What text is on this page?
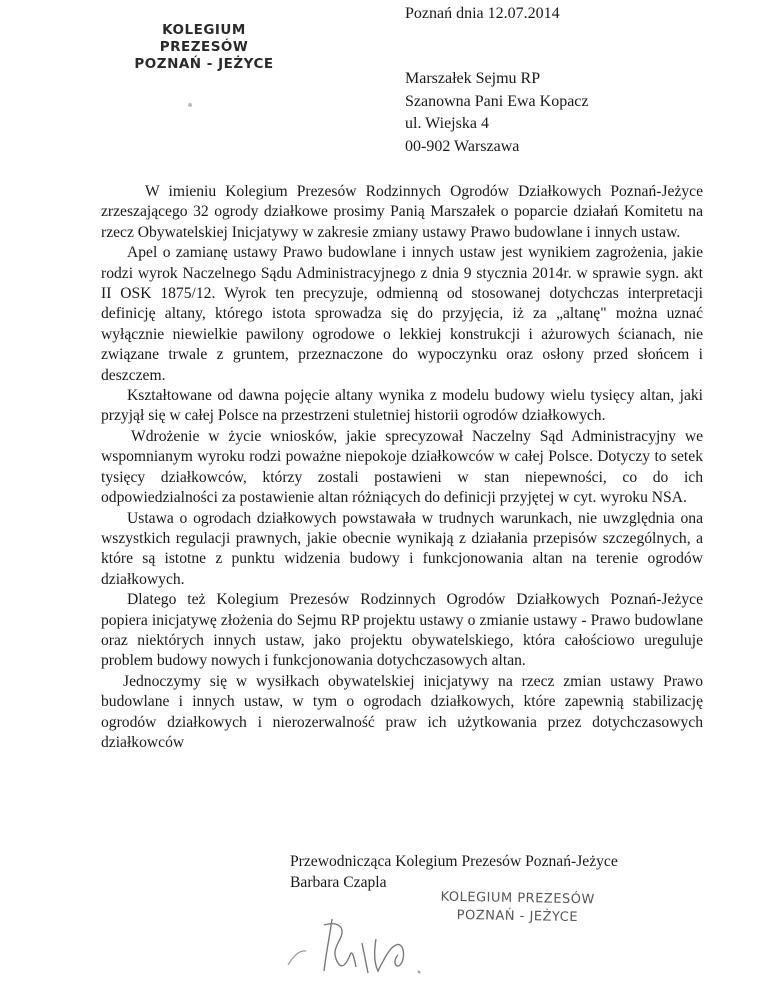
KOLEGIUM PREZESÓW
POZNAŃ - JEŻYCE
Poznań dnia 12.07.2014
Marszałek Sejmu RP
Szanowna Pani Ewa Kopacz
ul. Wiejska 4
00-902 Warszawa

W imieniu Kolegium Prezesów Rodzinnych Ogrodów Działkowych Poznań-Jeżyce zrzeszającego 32 ogrody działkowe prosimy Panią Marszałek o poparcie działań Komitetu na rzecz Obywatelskiej Inicjatywy w zakresie zmiany ustawy Prawo budowlane i innych ustaw.

Apel o zamianę ustawy Prawo budowlane i innych ustaw jest wynikiem zagrożenia, jakie rodzi wyrok Naczelnego Sądu Administracyjnego z dnia 9 stycznia 2014r. w sprawie sygn. akt II OSK 1875/12. Wyrok ten precyzuje, odmienną od stosowanej dotychczas interpretacji definicję altany, którego istota sprowadza się do przyjęcia, iż za „altanę" można uznać wyłącznie niewielkie pawilony ogrodowe o lekkiej konstrukcji i ażurowych ścianach, nie związane trwale z gruntem, przeznaczone do wypoczynku oraz osłony przed słońcem i deszczem.

Kształtowane od dawna pojęcie altany wynika z modelu budowy wielu tysięcy altan, jaki przyjął się w całej Polsce na przestrzeni stuletniej historii ogrodów działkowych.

Wdrożenie w życie wniosków, jakie sprecyzował Naczelny Sąd Administracyjny we wspomnianym wyroku rodzi poważne niepokoje działkowców w całej Polsce. Dotyczy to setek tysięcy działkowców, którzy zostali postawieni w stan niepewności, co do ich odpowiedzialności za postawienie altan różniących do definicji przyjętej w cyt. wyroku NSA.

Ustawa o ogrodach działkowych powstawała w trudnych warunkach, nie uwzględnia ona wszystkich regulacji prawnych, jakie obecnie wynikają z działania przepisów szczególnych, a które są istotne z punktu widzenia budowy i funkcjonowania altan na terenie ogrodów działkowych.

Dlatego też Kolegium Prezesów Rodzinnych Ogrodów Działkowych Poznań-Jeżyce popiera inicjatywę złożenia do Sejmu RP projektu ustawy o zmianie ustawy - Prawo budowlane oraz niektórych innych ustaw, jako projektu obywatelskiego, która całościowo ureguluje problem budowy nowych i funkcjonowania dotychczasowych altan.

Jednoczymy się w wysiłkach obywatelskiej inicjatywy na rzecz zmian ustawy Prawo budowlane i innych ustaw, w tym o ogrodach działkowych, które zapewnią stabilizację ogrodów działkowych i nierozerwalność praw ich użytkowania przez dotychczasowych działkowców

Przewodnicząca Kolegium Prezesów Poznań-Jeżyce
Barbara Czapla
KOLEGIUM PREZESÓW
POZNAŃ - JEŻYCE
